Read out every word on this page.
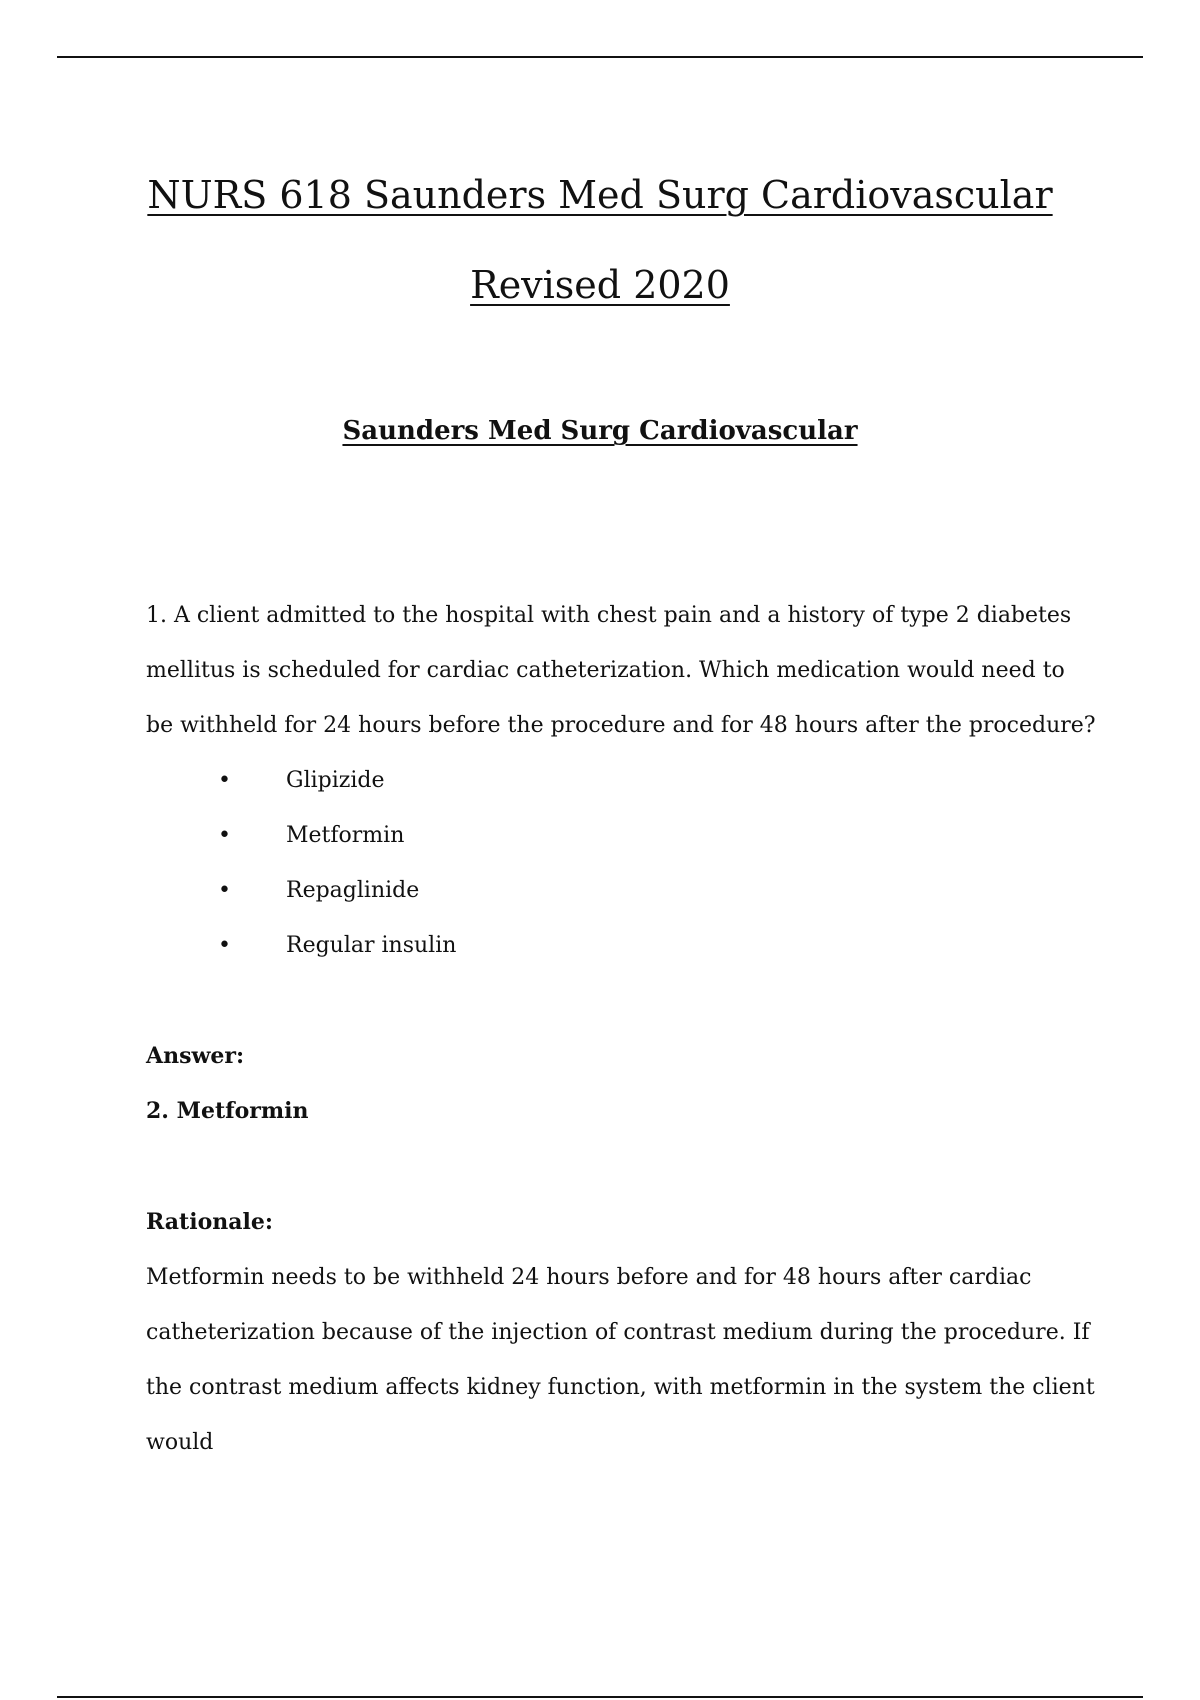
NURS 618 Saunders Med Surg Cardiovascular
Revised 2020
Saunders Med Surg Cardiovascular

1. A client admitted to the hospital with chest pain and a history of type 2 diabetes mellitus is scheduled for cardiac catheterization. Which medication would need to be withheld for 24 hours before the procedure and for 48 hours after the procedure?

•	Glipizide
•	Metformin
•	Repaglinide
•	Regular insulin

Answer:

2. Metformin

Rationale:

Metformin needs to be withheld 24 hours before and for 48 hours after cardiac catheterization because of the injection of contrast medium during the procedure. If the contrast medium affects kidney function, with metformin in the system the client would
